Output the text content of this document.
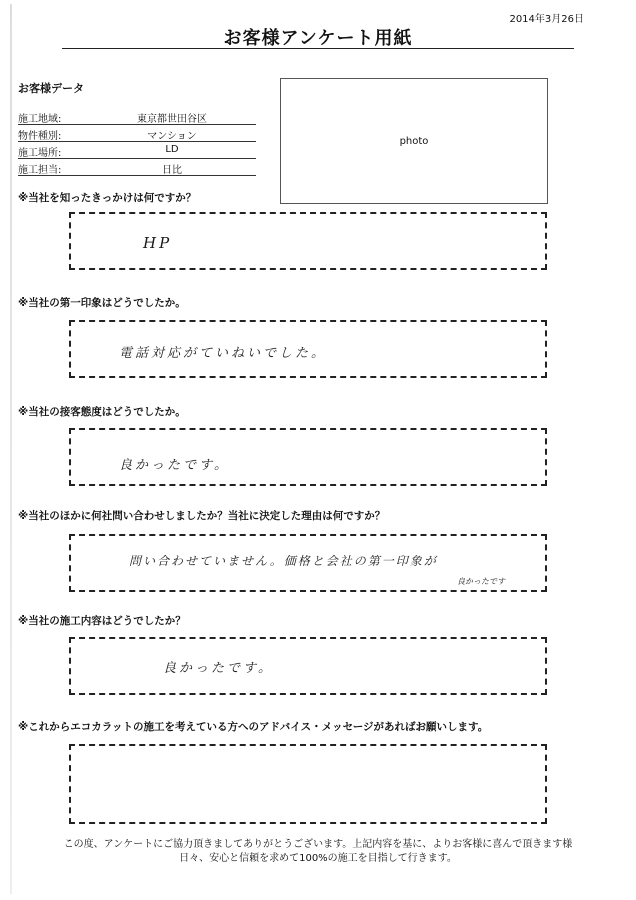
2014年3月26日
お客様アンケート用紙
お客様データ
施工地域:	東京都世田谷区
物件種別:	マンション
施工場所:	LD
施工担当:	日比
photo
※当社を知ったきっかけは何ですか？
HP
※当社の第一印象はどうでしたか。
電話対応がていねいでした。
※当社の接客態度はどうでしたか。
良かったです。
※当社のほかに何社問い合わせしましたか？当社に決定した理由は何ですか？
問い合わせていません。価格と会社の第一印象が
良かったです
※当社の施工内容はどうでしたか？
良かったです。
※これからエコカラットの施工を考えている方へのアドバイス・メッセージがあればお願いします。
この度、アンケートにご協力頂きましてありがとうございます。上記内容を基に、よりお客様に喜んで頂きます様
日々、安心と信頼を求めて100%の施工を目指して行きます。
